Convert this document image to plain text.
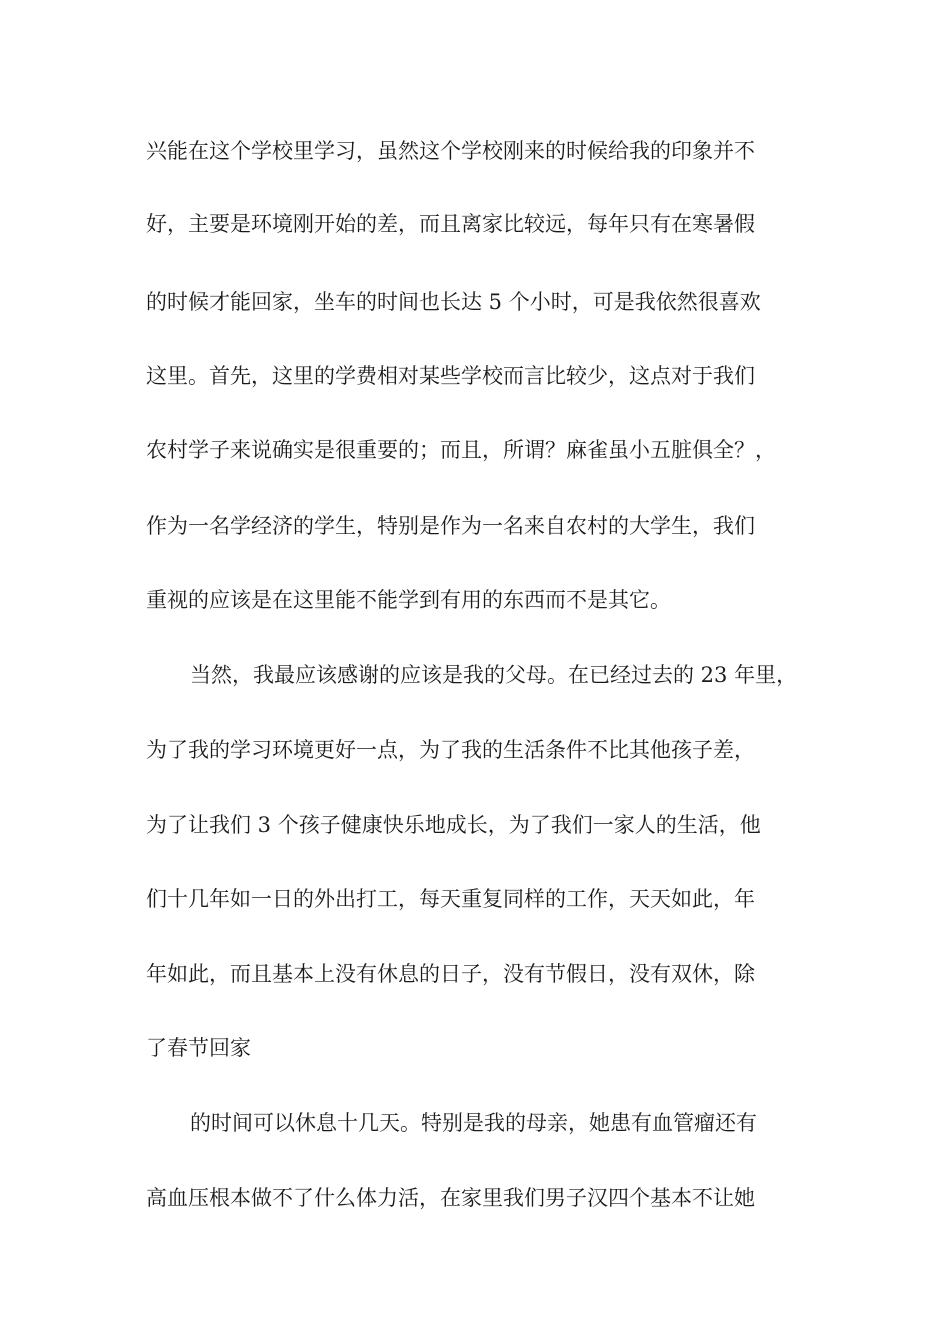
兴能在这个学校里学习，虽然这个学校刚来的时候给我的印象并不

好，主要是环境刚开始的差，而且离家比较远，每年只有在寒暑假

的时候才能回家，坐车的时间也长达 5 个小时，可是我依然很喜欢

这里。首先，这里的学费相对某些学校而言比较少，这点对于我们

农村学子来说确实是很重要的；而且，所谓？麻雀虽小五脏俱全？，

作为一名学经济的学生，特别是作为一名来自农村的大学生，我们

重视的应该是在这里能不能学到有用的东西而不是其它。

当然，我最应该感谢的应该是我的父母。在已经过去的 23 年里，

为了我的学习环境更好一点，为了我的生活条件不比其他孩子差，

为了让我们 3 个孩子健康快乐地成长，为了我们一家人的生活，他

们十几年如一日的外出打工，每天重复同样的工作，天天如此，年

年如此，而且基本上没有休息的日子，没有节假日，没有双休，除

了春节回家

的时间可以休息十几天。特别是我的母亲，她患有血管瘤还有

高血压根本做不了什么体力活，在家里我们男子汉四个基本不让她
